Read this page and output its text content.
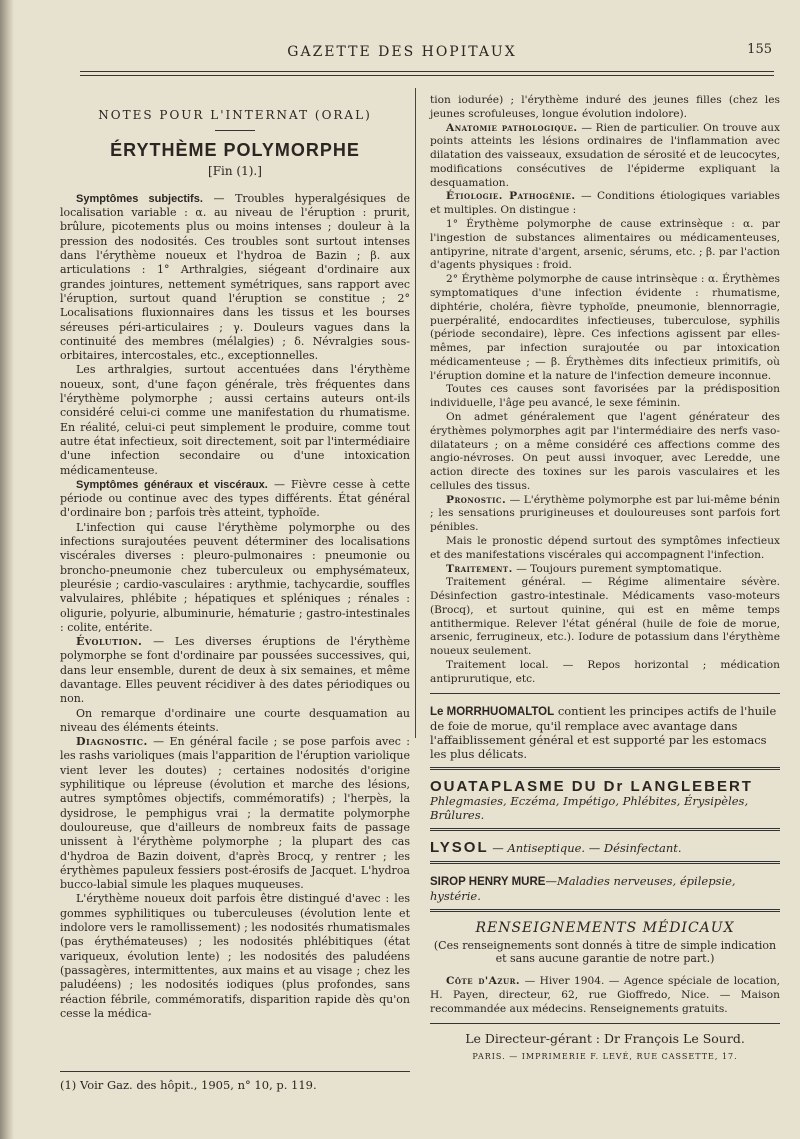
GAZETTE DES HOPITAUX	155
NOTES POUR L'INTERNAT (ORAL)
ÉRYTHÈME POLYMORPHE
[Fin (1).]

Symptômes subjectifs. — Troubles hyperalgésiques de localisation variable : α. au niveau de l'éruption : prurit, brûlure, picotements plus ou moins intenses ; douleur à la pression des nodosités. Ces troubles sont surtout intenses dans l'érythème noueux et l'hydroa de Bazin ; β. aux articulations : 1° Arthralgies, siégeant d'ordinaire aux grandes jointures, nettement symétriques, sans rapport avec l'éruption, surtout quand l'éruption se constitue ; 2° Localisations fluxionnaires dans les tissus et les bourses séreuses péri-articulaires ; γ. Douleurs vagues dans la continuité des membres (mélalgies) ; δ. Névralgies sous-orbitaires, intercostales, etc., exceptionnelles.

Les arthralgies, surtout accentuées dans l'érythème noueux, sont, d'une façon générale, très fréquentes dans l'érythème polymorphe ; aussi certains auteurs ont-ils considéré celui-ci comme une manifestation du rhumatisme. En réalité, celui-ci peut simplement le produire, comme tout autre état infectieux, soit directement, soit par l'intermédiaire d'une infection secondaire ou d'une intoxication médicamenteuse.

Symptômes généraux et viscéraux. — Fièvre cesse à cette période ou continue avec des types différents. État général d'ordinaire bon ; parfois très atteint, typhoïde.

L'infection qui cause l'érythème polymorphe ou des infections surajoutées peuvent déterminer des localisations viscérales diverses : pleuro-pulmonaires : pneumonie ou broncho-pneumonie chez tuberculeux ou emphysémateux, pleurésie ; cardio-vasculaires : arythmie, tachycardie, souffles valvulaires, phlébite ; hépatiques et spléniques ; rénales : oligurie, polyurie, albuminurie, hématurie ; gastro-intestinales : colite, entérite.

Évolution. — Les diverses éruptions de l'érythème polymorphe se font d'ordinaire par poussées successives, qui, dans leur ensemble, durent de deux à six semaines, et même davantage. Elles peuvent récidiver à des dates périodiques ou non.

On remarque d'ordinaire une courte desquamation au niveau des éléments éteints.

Diagnostic. — En général facile ; se pose parfois avec : les rashs varioliques (mais l'apparition de l'éruption variolique vient lever les doutes) ; certaines nodosités d'origine syphilitique ou lépreuse (évolution et marche des lésions, autres symptômes objectifs, commémoratifs) ; l'herpès, la dysidrose, le pemphigus vrai ; la dermatite polymorphe douloureuse, que d'ailleurs de nombreux faits de passage unissent à l'érythème polymorphe ; la plupart des cas d'hydroa de Bazin doivent, d'après Brocq, y rentrer ; les érythèmes papuleux fessiers post-érosifs de Jacquet. L'hydroa bucco-labial simule les plaques muqueuses.

L'érythème noueux doit parfois être distingué d'avec : les gommes syphilitiques ou tuberculeuses (évolution lente et indolore vers le ramollissement) ; les nodosités rhumatismales (pas érythémateuses) ; les nodosités phlébitiques (état variqueux, évolution lente) ; les nodosités des paludéens (passagères, intermittentes, aux mains et au visage ; chez les paludéens) ; les nodosités iodiques (plus profondes, sans réaction fébrile, commémoratifs, disparition rapide dès qu'on cesse la médica-

tion iodurée) ; l'érythème induré des jeunes filles (chez les jeunes scrofuleuses, longue évolution indolore).

Anatomie pathologique. — Rien de particulier. On trouve aux points atteints les lésions ordinaires de l'inflammation avec dilatation des vaisseaux, exsudation de sérosité et de leucocytes, modifications consécutives de l'épiderme expliquant la desquamation.

Étiologie. Pathogénie. — Conditions étiologiques variables et multiples. On distingue :

1° Érythème polymorphe de cause extrinsèque : α. par l'ingestion de substances alimentaires ou médicamenteuses, antipyrine, nitrate d'argent, arsenic, sérums, etc. ; β. par l'action d'agents physiques : froid.

2° Érythème polymorphe de cause intrinsèque : α. Érythèmes symptomatiques d'une infection évidente : rhumatisme, diphtérie, choléra, fièvre typhoïde, pneumonie, blennorragie, puerpéralité, endocardites infectieuses, tuberculose, syphilis (période secondaire), lèpre. Ces infections agissent par elles-mêmes, par infection surajoutée ou par intoxication médicamenteuse ; — β. Érythèmes dits infectieux primitifs, où l'éruption domine et la nature de l'infection demeure inconnue.

Toutes ces causes sont favorisées par la prédisposition individuelle, l'âge peu avancé, le sexe féminin.

On admet généralement que l'agent générateur des érythèmes polymorphes agit par l'intermédiaire des nerfs vaso-dilatateurs ; on a même considéré ces affections comme des angio-névroses. On peut aussi invoquer, avec Leredde, une action directe des toxines sur les parois vasculaires et les cellules des tissus.

Pronostic. — L'érythème polymorphe est par lui-même bénin ; les sensations prurigineuses et douloureuses sont parfois fort pénibles.

Mais le pronostic dépend surtout des symptômes infectieux et des manifestations viscérales qui accompagnent l'infection.

Traitement. — Toujours purement symptomatique.

Traitement général. — Régime alimentaire sévère. Désinfection gastro-intestinale. Médicaments vaso-moteurs (Brocq), et surtout quinine, qui est en même temps antithermique. Relever l'état général (huile de foie de morue, arsenic, ferrugineux, etc.). Iodure de potassium dans l'érythème noueux seulement.

Traitement local. — Repos horizontal ; médication antiprurutique, etc.

Le MORRHUOMALTOL contient les principes actifs de l'huile de foie de morue, qu'il remplace avec avantage dans l'affaiblissement général et est supporté par les estomacs les plus délicats.
OUATAPLASME DU Dr LANGLEBERT
Phlegmasies, Eczéma, Impétigo, Phlébites, Érysipèles, Brûlures.
LYSOL — Antiseptique. — Désinfectant.
SIROP HENRY MURE—Maladies nerveuses, épilepsie, hystérie.
RENSEIGNEMENTS MÉDICAUX
(Ces renseignements sont donnés à titre de simple indication et sans aucune garantie de notre part.)

Côte d'Azur. — Hiver 1904. — Agence spéciale de location, H. Payen, directeur, 62, rue Gioffredo, Nice. — Maison recommandée aux médecins. Renseignements gratuits.

Le Directeur-gérant : Dr François Le Sourd.
PARIS. — IMPRIMERIE F. LEVÉ, RUE CASSETTE, 17.
(1) Voir Gaz. des hôpit., 1905, n° 10, p. 119.
